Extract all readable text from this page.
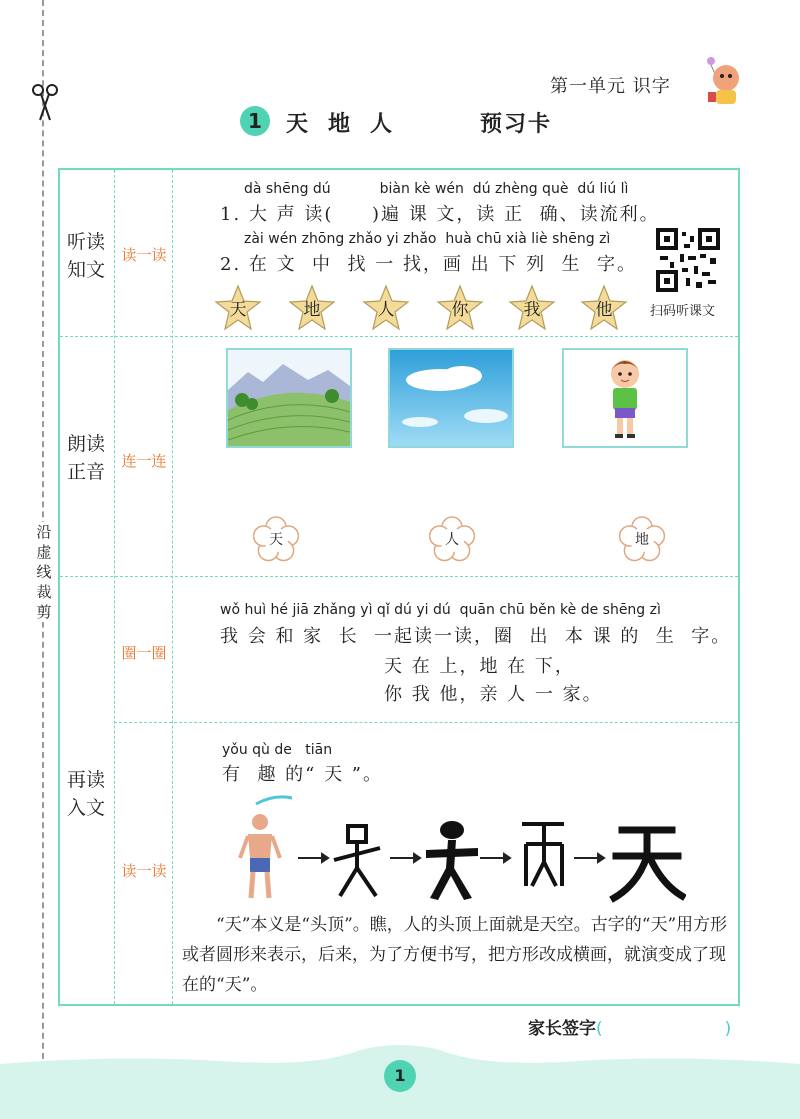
沿虚线裁剪
第一单元 识字
1	天地人	预习卡
听读
知文
读一读
dà shēng dú           biàn kè wén  dú zhèng què  dú liú lì
1. 大 声 读(     )遍 课 文，读 正  确、读流利。
zài wén zhōng zhǎo yi zhǎo  huà chū xià liè shēng zì
2. 在 文  中  找 一 找，画 出 下 列  生  字。
天	地	人	你	我	他	扫码听课文
朗读
正音	连一连
天	人	地
圈一圈
wǒ huì hé jiā zhǎng yì qǐ dú yi dú  quān chū běn kè de shēng zì
我 会 和 家  长  一起读一读，圈  出  本 课 的  生  字。
天 在 上，地 在 下，
你 我 他，亲 人 一 家。
再读
入文
读一读
yǒu qù de   tiān
有  趣 的“ 天 ”。
“天”本义是“头顶”。瞧，人的头顶上面就是天空。古字的“天”用方形或者圆形来表示，后来，为了方便书写，把方形改成横画，就演变成了现在的“天”。
家长签字(	)
1
